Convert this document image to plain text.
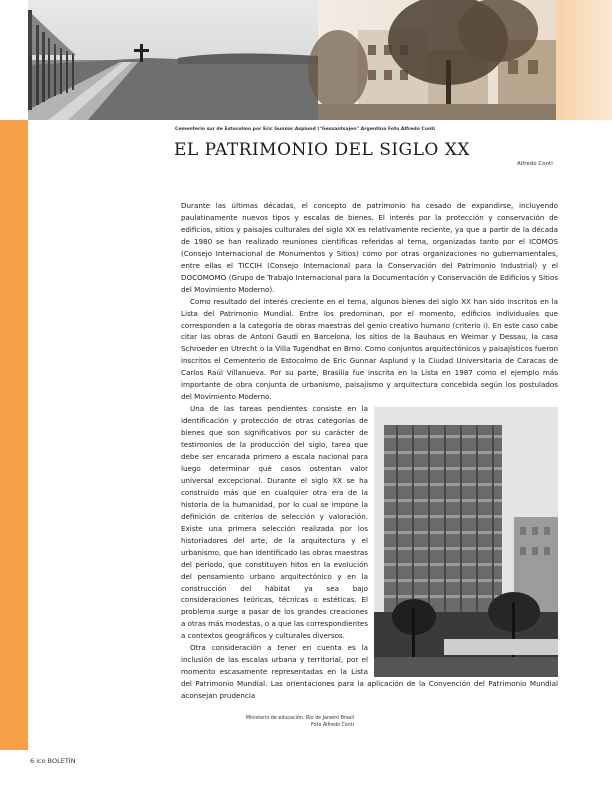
Cementerio sur de Estocolmo por Eric Gunnar Asplund ("Gessantsajen" Argentina Foto Alfredo Conti
EL PATRIMONIO DEL SIGLO XX
Alfredo Conti

Durante las últimas décadas, el concepto de patrimonio ha cesado de expandirse, incluyendo paulatinamente nuevos tipos y escalas de bienes. El interés por la protección y conservación de edificios, sitios y paisajes culturales del siglo XX es relativamente reciente, ya que a partir de la década de 1980 se han realizado reuniones científicas referidas al tema, organizadas tanto por el ICOMOS (Consejo Internacional de Monumentos y Sitios) como por otras organizaciones no gubernamentales, entre ellas el TICCIH (Consejo Internacional para la Conservación del Patrimonio Industrial) y el DOCOMOMO (Grupo de Trabajo Internacional para la Documentación y Conservación de Edificios y Sitios del Movimiento Moderno).

Como resultado del interés creciente en el tema, algunos bienes del siglo XX han sido inscritos en la Lista del Patrimonio Mundial. Entre los predominan, por el momento, edificios individuales que corresponden a la categoría de obras maestras del genio creativo humano (criterio i). En este caso cabe citar las obras de Antoni Gaudí en Barcelona, los sitios de la Bauhaus en Weimar y Dessau, la casa Schroeder en Utrecht o la Villa Tugendhat en Brno. Como conjuntos arquitectónicos y paisajísticos fueron inscritos el Cementerio de Estocolmo de Eric Gunnar Asplund y la Ciudad Universitaria de Caracas de Carlos Raúl Villanueva. Por su parte, Brasilia fue inscrita en la Lista en 1987 como el ejemplo más importante de obra conjunta de urbanismo, paisajismo y arquitectura concebida según los postulados del Movimiento Moderno.

Una de las tareas pendientes consiste en la identificación y protección de otras categorías de bienes que son significativos por su carácter de testimonios de la producción del siglo, tarea que debe ser encarada primero a escala nacional para luego determinar qué casos ostentan valor universal excepcional. Durante el siglo XX se ha construido más que en cualquier otra era de la historia de la humanidad, por lo cual se impone la definición de criterios de selección y valoración. Existe una primera selección realizada por los historiadores del arte, de la arquitectura y el urbanismo, que han identificado las obras maestras del período, que constituyen hitos en la evolución del pensamiento urbano arquitectónico y en la construcción del hábitat ya sea bajo consideraciones teóricas, técnicas o estéticas. El problema surge a pasar de los grandes creaciones a otras más modestas, o a que las correspondientes a contextos geográficos y culturales diversos.

Otra consideración a tener en cuenta es la inclusión de las escalas urbana y territorial, por el momento escasamente representadas en la Lista del Patrimonio Mundial. Las orientaciones para la aplicación de la Convención del Patrimonio Mundial aconsejan prudencia

Ministerio de educación. Río de Janeiro Brasil
Foto Alfredo Conti
6 ico BOLETÍN
